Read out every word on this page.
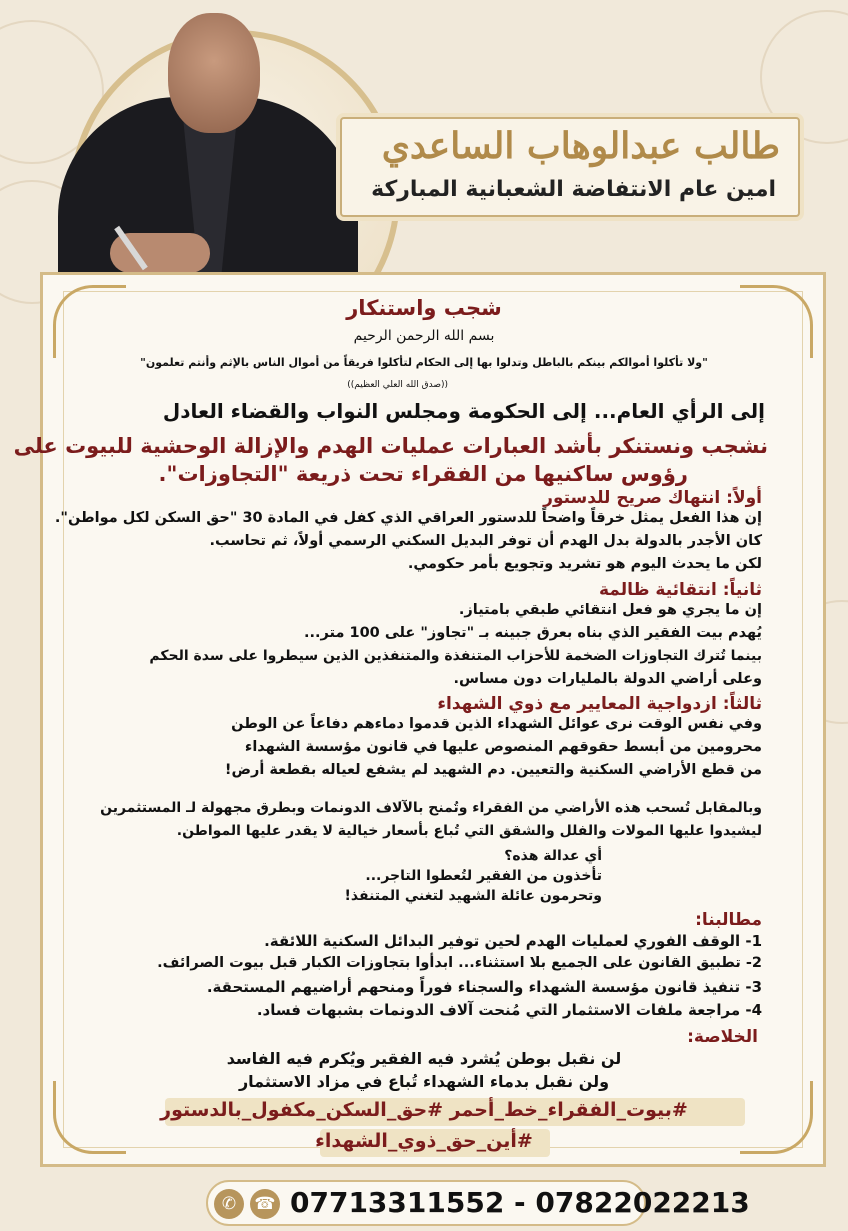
طالب عبدالوهاب الساعدي
امين عام الانتفاضة الشعبانية المباركة
شجب واستنكار
بسم الله الرحمن الرحيم
"ولا تأكلوا أموالكم بينكم بالباطل وتدلوا بها إلى الحكام لتأكلوا فريقاً من أموال الناس بالإثم وأنتم تعلمون"
((صدق الله العلي العظيم))
إلى الرأي العام... إلى الحكومة ومجلس النواب والقضاء العادل
نشجب ونستنكر بأشد العبارات عمليات الهدم والإزالة الوحشية للبيوت على
رؤوس ساكنيها من الفقراء تحت ذريعة "التجاوزات".
أولاً: انتهاك صريح للدستور
إن هذا الفعل يمثل خرقاً واضحاً للدستور العراقي الذي كفل في المادة 30 "حق السكن لكل مواطن".
كان الأجدر بالدولة بدل الهدم أن توفر البديل السكني الرسمي أولاً، ثم تحاسب.
لكن ما يحدث اليوم هو تشريد وتجويع بأمر حكومي.
ثانياً: انتقائية ظالمة
إن ما يجري هو فعل انتقائي طبقي بامتياز.
يُهدم بيت الفقير الذي بناه بعرق جبينه بـ "تجاوز" على 100 متر...
بينما تُترك التجاوزات الضخمة للأحزاب المتنفذة والمتنفذين الذين سيطروا على سدة الحكم
وعلى أراضي الدولة بالمليارات دون مساس.
ثالثاً: ازدواجية المعايير مع ذوي الشهداء
وفي نفس الوقت نرى عوائل الشهداء الذين قدموا دماءهم دفاعاً عن الوطن
محرومين من أبسط حقوقهم المنصوص عليها في قانون مؤسسة الشهداء
من قطع الأراضي السكنية والتعيين. دم الشهيد لم يشفع لعياله بقطعة أرض!
وبالمقابل تُسحب هذه الأراضي من الفقراء وتُمنح بالآلاف الدونمات وبطرق مجهولة لـ المستثمرين
ليشيدوا عليها المولات والفلل والشقق التي تُباع بأسعار خيالية لا يقدر عليها المواطن.
أي عدالة هذه؟
تأخذون من الفقير لتُعطوا التاجر...
وتحرمون عائلة الشهيد لتغني المتنفذ!
مطالبنا:
1- الوقف الفوري لعمليات الهدم لحين توفير البدائل السكنية اللائقة.
2- تطبيق القانون على الجميع بلا استثناء... ابدأوا بتجاوزات الكبار قبل بيوت الصرائف.
3- تنفيذ قانون مؤسسة الشهداء والسجناء فوراً ومنحهم أراضيهم المستحقة.
4- مراجعة ملفات الاستثمار التي مُنحت آلاف الدونمات بشبهات فساد.
الخلاصة:
لن نقبل بوطن يُشرد فيه الفقير ويُكرم فيه الفاسد
ولن نقبل بدماء الشهداء تُباع في مزاد الاستثمار
#بيوت_الفقراء_خط_أحمر #حق_السكن_مكفول_بالدستور
#أين_حق_ذوي_الشهداء
✆	☎ 07713311552 - 07822022213
